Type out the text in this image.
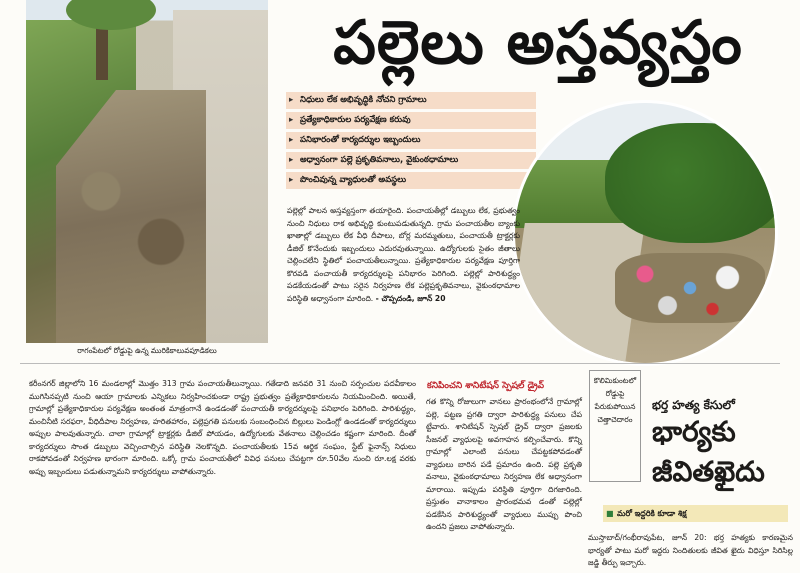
రాగంపేటలో రోడ్డుపై ఉన్న మురికికాలువపూడికలు
పల్లెలు అస్తవ్యస్తం
▸ నిధులు లేక అభివృద్ధికి నోచని గ్రామాలు
▸ ప్రత్యేకాధికారుల పర్యవేక్షణ కరువు
▸ పనిభారంతో కార్యదర్శుల ఇబ్బందులు
▸ అధ్వానంగా పల్లె ప్రకృతివనాలు, వైకుంఠధామాలు
▸ పొంచివున్న వ్యాధులతో అవస్థలు
పల్లెల్లో పాలన అస్తవ్యస్తంగా తయారైంది. పంచాయతీల్లో డబ్బులు లేక, ప్రభుత్వం నుంచి నిధులు రాక అభివృద్ధి కుంటుపడుతున్నది. గ్రామ పంచాయతీల బ్యాంకు ఖాతాల్లో డబ్బులు లేక వీధి దీపాలు, బోర్ల మరమ్మతులు, పంచాయతీ ట్రాక్టర్లకు డీజిల్ కొనేందుకు ఇబ్బందులు ఎదురవుతున్నాయి. ఉద్యోగులకు సైతం జీతాలు చెల్లించలేని స్థితిలో పంచాయతీలున్నాయి. ప్రత్యేకాధికారుల పర్యవేక్షణ పూర్తిగా కొరవడి పంచాయతీ కార్యదర్శులపై పనిభారం పెరిగింది. పల్లెల్లో పారిశుద్ధ్యం పడకేయడంతో పాటు సరైన నిర్వహణ లేక పల్లెప్రకృతివనాలు, వైకుంఠధామాల పరిస్థితి అధ్వానంగా మారింది. - చొప్పదండి, జూన్ 20
కరీంనగర్ జిల్లాలోని 16 మండలాల్లో మొత్తం 313 గ్రామ పంచాయతీలున్నాయి. గతేడాది జనవరి 31 నుంచి సర్పంచుల పదవీకాలం ముగిసినప్పటి నుంచి ఆయా గ్రామాలకు ఎన్నికలు నిర్వహించకుండా రాష్ట్ర ప్రభుత్వం ప్రత్యేకాధికారులను నియమించింది. అయితే, గ్రామాల్లో ప్రత్యేకాధికారుల పర్యవేక్షణ అంతంత మాత్రంగానే ఉండడంతో పంచాయతీ కార్యదర్శులపై పనిభారం పెరిగింది. పారిశుద్ధ్యం, మంచినీటి సరఫరా, వీధిదీపాల నిర్వహణ, హరితహారం, పల్లెప్రగతి పనులకు సంబంధించిన బిల్లులు పెండింగ్లో ఉండడంతో కార్యదర్శులు అప్పుల పాలవుతున్నారు. చాలా గ్రామాల్లో ట్రాక్టర్లకు డీజిల్ పోయడం, ఉద్యోగులకు వేతనాలు చెల్లించడం కష్టంగా మారింది. దీంతో కార్యదర్శులు సొంత డబ్బులు వెచ్చించాల్సిన పరిస్థితి నెలకొన్నది. పంచాయతీలకు 15వ ఆర్థిక సంఘం, స్టేట్ ఫైనాన్స్ నిధులు రాకపోవడంతో నిర్వహణ భారంగా మారింది. ఒక్కో గ్రామ పంచాయతీలో వివిధ పనులు చేపట్టగా రూ.50వేల నుంచి రూ.లక్ష వరకు అప్పు ఇబ్బందులు పడుతున్నామని కార్యదర్శులు వాపోతున్నారు.
కనిపించని శానిటేషన్ స్పెషల్ డ్రైవ్
గత కొన్ని రోజులుగా వానలు ప్రారంభంలోనే గ్రామాల్లో పల్లె, పట్టణ ప్రగతి ద్వారా పారిశుద్ధ్య పనులు చేప ట్టేవారు. శానిటేషన్ స్పెషల్ డ్రైవ్ ద్వారా ప్రజలకు సీజనల్ వ్యాధులపై అవగాహన కల్పించేవారు. కొన్ని గ్రామాల్లో ఎలాంటి పనులు చేపట్టకపోవడంతో వ్యాధులు బారిన పడే ప్రమాదం ఉంది. పల్లె ప్రకృతి వనాలు, వైకుంఠధామాలు నిర్వహణ లేక అధ్వానంగా మారాయి. ఇప్పుడు పరిస్థితి పూర్తిగా దిగజారింది. ప్రస్తుతం వానాకాలం ప్రారంభమవ డంతో పల్లెల్లో పడకేసిన పారిశుద్ధ్యంతో వ్యాధులు ముప్పు పొంచి ఉందని ప్రజలు వాపోతున్నారు.
కొలిమికుంటలో రోడ్డుపై పేరుకుపోయిన చెత్తాచెదారం
భర్త హత్య కేసులో
భార్యకు జీవితఖైదు
■ మరో ఇద్దరికి కూడా శిక్ష
ముస్తాబాద్/గంభీరావుపేట, జూన్ 20: భర్త హత్యకు కారణమైన భార్యతో పాటు మరో ఇద్దరు నిందితులకు జీవిత ఖైదు విధిస్తూ సిరిసిల్ల జడ్జి తీర్పు ఇచ్చారు.
